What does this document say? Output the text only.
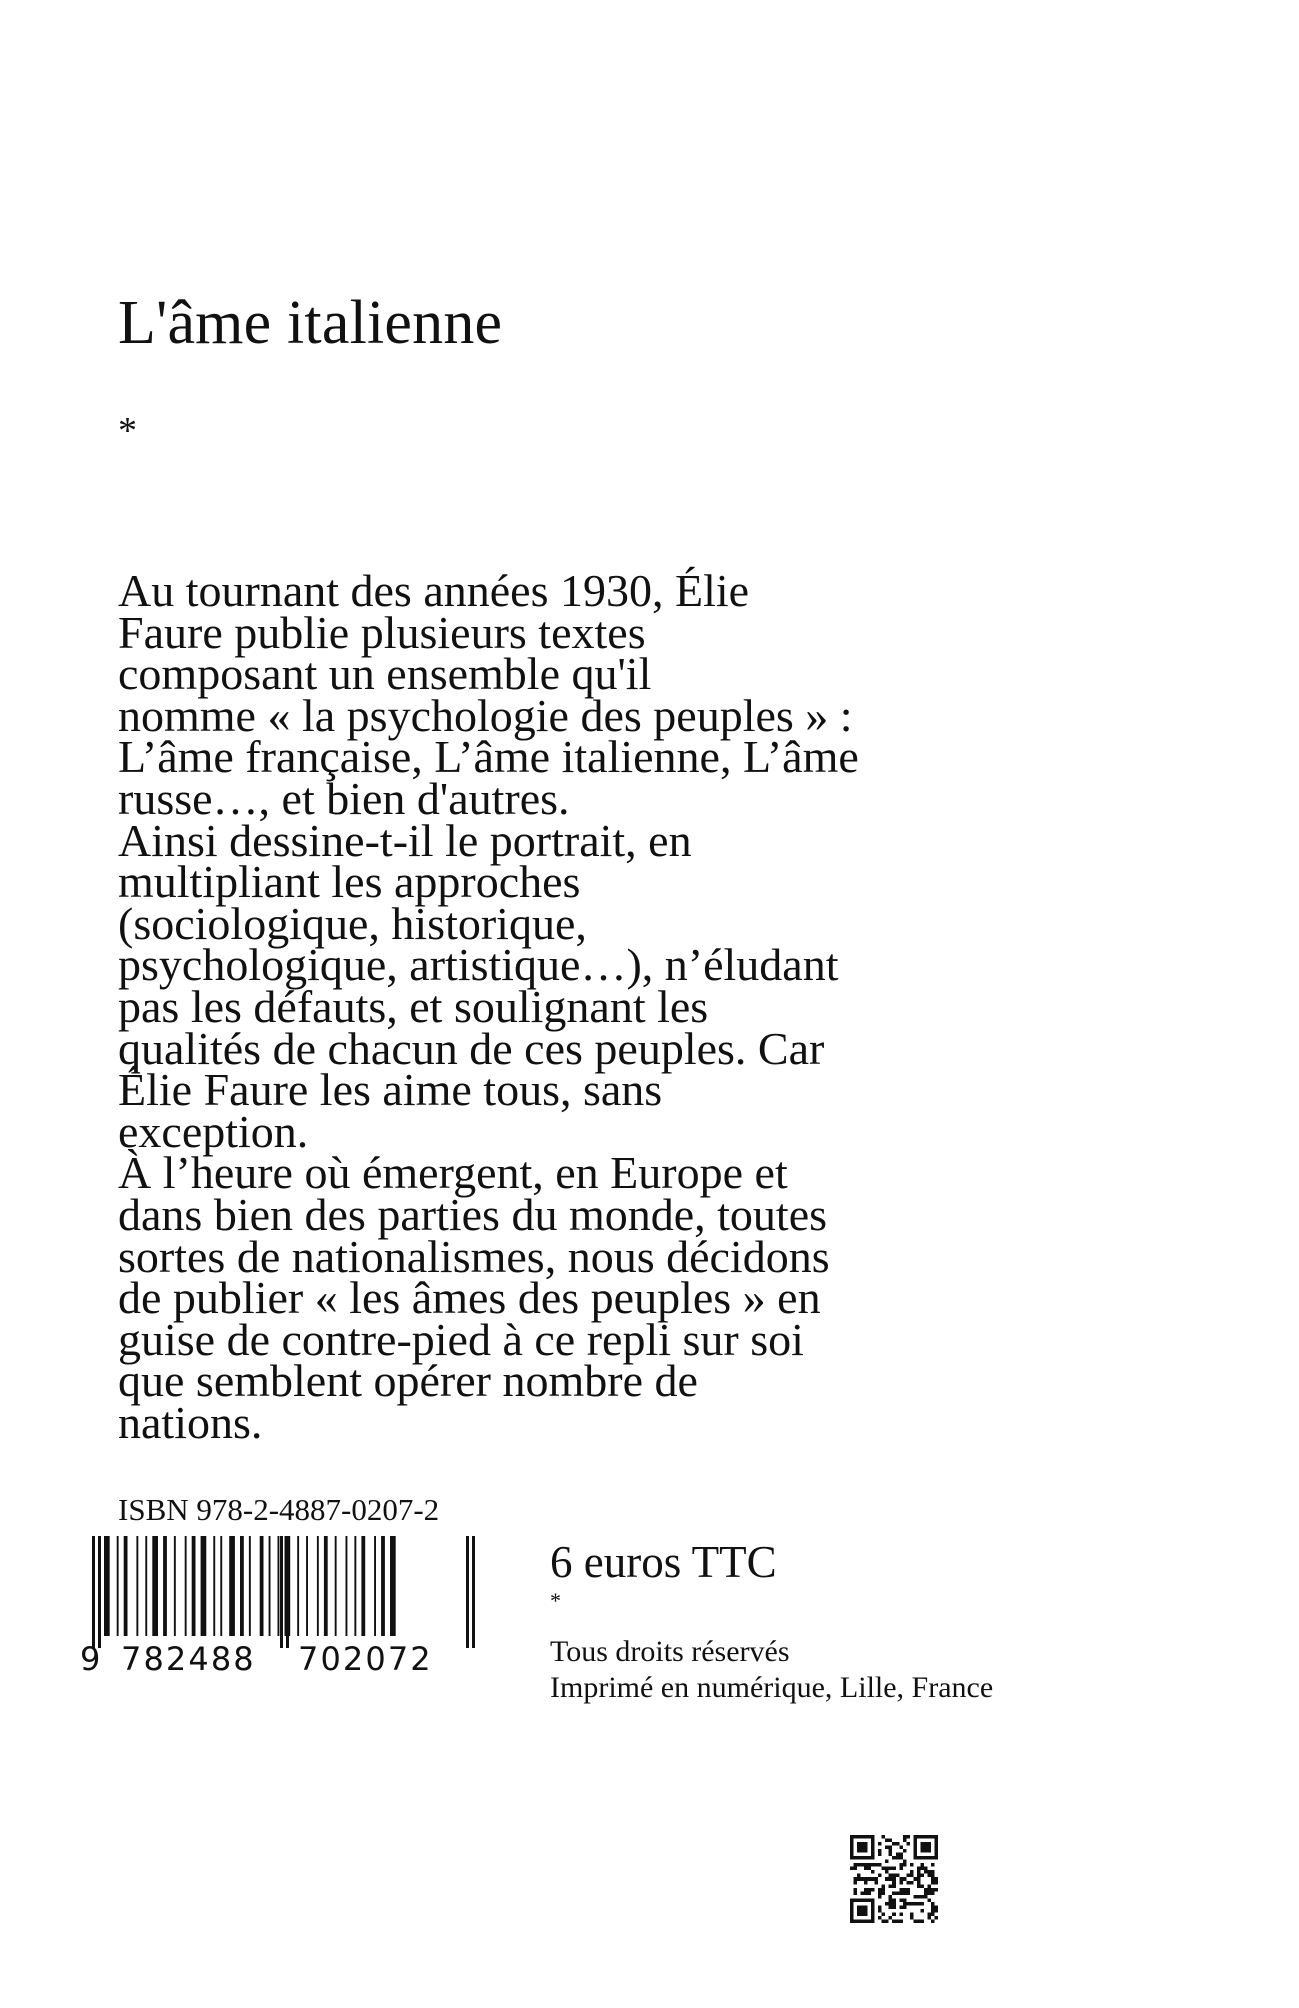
L'âme italienne
*
Au tournant des années 1930, Élie
Faure publie plusieurs textes
composant un ensemble qu'il
nomme « la psychologie des peuples » :
L’âme française, L’âme italienne, L’âme
russe…, et bien d'autres.
Ainsi dessine-t-il le portrait, en
multipliant les approches
(sociologique, historique,
psychologique, artistique…), n’éludant
pas les défauts, et soulignant les
qualités de chacun de ces peuples. Car
Élie Faure les aime tous, sans
exception.
À l’heure où émergent, en Europe et
dans bien des parties du monde, toutes
sortes de nationalismes, nous décidons
de publier « les âmes des peuples » en
guise de contre-pied à ce repli sur soi
que semblent opérer nombre de
nations.
ISBN 978-2-4887-0207-2
9 782488 702072
6 euros TTC
*
Tous droits réservés
Imprimé en numérique, Lille, France
